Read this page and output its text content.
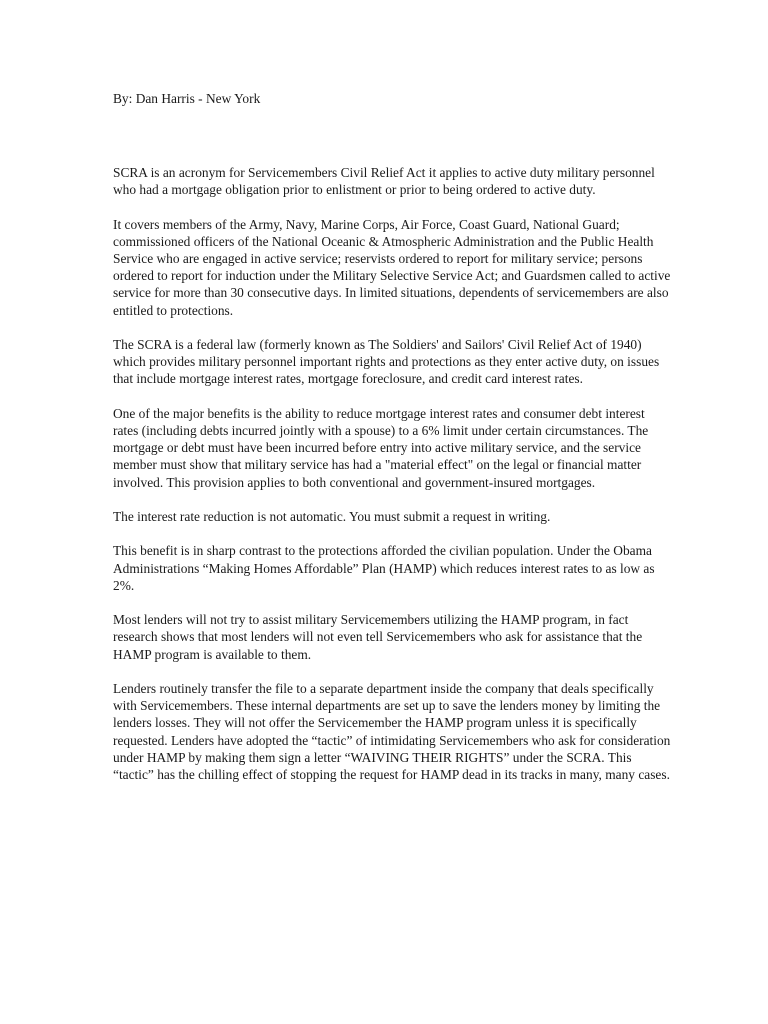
By: Dan Harris - New York

SCRA is an acronym for Servicemembers Civil Relief Act it applies to active duty military personnel who had a mortgage obligation prior to enlistment or prior to being ordered to active duty.

It covers members of the Army, Navy, Marine Corps, Air Force, Coast Guard, National Guard; commissioned officers of the National Oceanic & Atmospheric Administration and the Public Health Service who are engaged in active service; reservists ordered to report for military service; persons ordered to report for induction under the Military Selective Service Act; and Guardsmen called to active service for more than 30 consecutive days. In limited situations, dependents of servicemembers are also entitled to protections.

The SCRA is a federal law (formerly known as The Soldiers' and Sailors' Civil Relief Act of 1940) which provides military personnel important rights and protections as they enter active duty, on issues that include mortgage interest rates, mortgage foreclosure, and credit card interest rates.

One of the major benefits is the ability to reduce mortgage interest rates and consumer debt interest rates (including debts incurred jointly with a spouse) to a 6% limit under certain circumstances. The mortgage or debt must have been incurred before entry into active military service, and the service member must show that military service has had a "material effect" on the legal or financial matter involved. This provision applies to both conventional and government-insured mortgages.

The interest rate reduction is not automatic. You must submit a request in writing.

This benefit is in sharp contrast to the protections afforded the civilian population. Under the Obama Administrations “Making Homes Affordable” Plan (HAMP) which reduces interest rates to as low as 2%.

Most lenders will not try to assist military Servicemembers utilizing the HAMP program, in fact research shows that most lenders will not even tell Servicemembers who ask for assistance that the HAMP program is available to them.

Lenders routinely transfer the file to a separate department inside the company that deals specifically with Servicemembers. These internal departments are set up to save the lenders money by limiting the lenders losses. They will not offer the Servicemember the HAMP program unless it is specifically requested. Lenders have adopted the “tactic” of intimidating Servicemembers who ask for consideration under HAMP by making them sign a letter “WAIVING THEIR RIGHTS” under the SCRA. This “tactic” has the chilling effect of stopping the request for HAMP dead in its tracks in many, many cases.
